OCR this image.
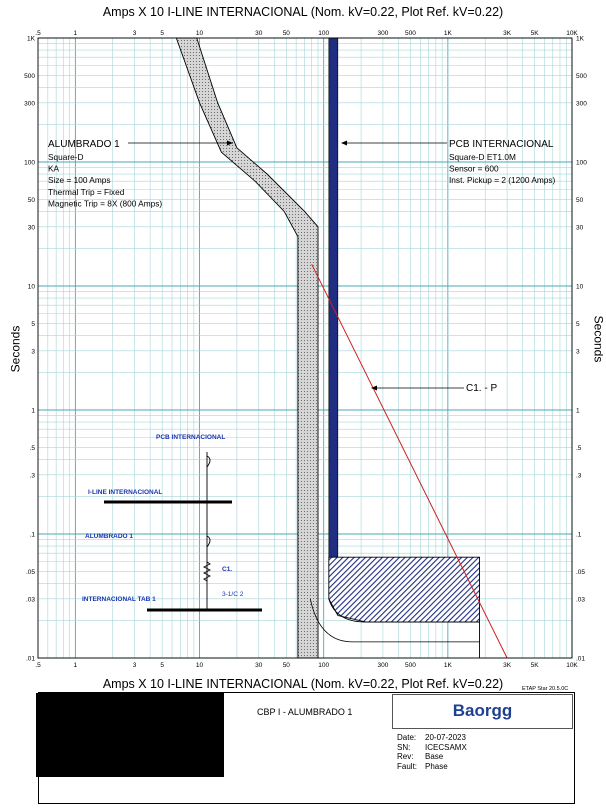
.5
.5
1
1
3
3
5
5
10
10
30
30
50
50
100
100
300
300
500
500
1K
1K
3K
3K
5K
5K
10K
10K
.01	.01
.03	.03
.05	.05
.1	.1
.3	.3
.5	.5
1	1
3	3
5	5
10	10
30	30
50	50
100	100
300	300
500	500
1K	1K
ALUMBRADO 1
Square-D
KA
Size = 100 Amps
Thermal Trip = Fixed
Magnetic Trip = 8X (800 Amps)
PCB INTERNACIONAL
Square-D ET1.0M
Sensor = 600
Inst. Pickup = 2 (1200 Amps)
C1. - P
PCB INTERNACIONAL
I-LINE INTERNACIONAL
ALUMBRADO 1
C1.
3-1/C 2
INTERNACIONAL TAB 1
Amps X 10 I-LINE INTERNACIONAL (Nom. kV=0.22, Plot Ref. kV=0.22)
Amps X 10 I-LINE INTERNACIONAL (Nom. kV=0.22, Plot Ref. kV=0.22)
Seconds	Seconds
ETAP Star 20.5.0C
CBP I - ALUMBRADO 1	Baorgg
Date: 20-07-2023
SN: ICECSAMX
Rev: Base
Fault: Phase
